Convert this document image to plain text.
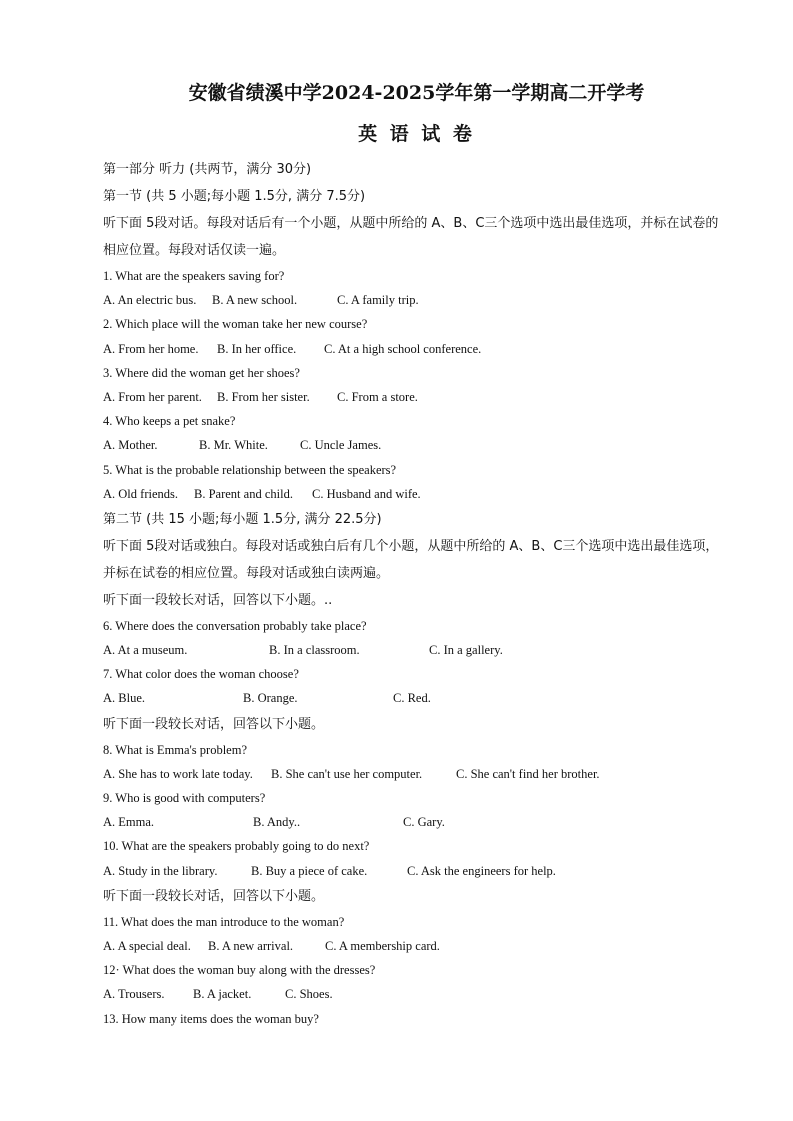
安徽省绩溪中学2024-2025学年第一学期高二开学考
英 语 试 卷
第一部分 听力 (共两节，满分 30分)
第一节 (共 5 小题;每小题 1.5分, 满分 7.5分)
听下面 5段对话。每段对话后有一个小题，从题中所给的 A、B、C三个选项中选出最佳选项，并标在试卷的相应位置。每段对话仅读一遍。
1. What are the speakers saving for?
A. An electric bus. B. A new school.	C. A family trip.
2. Which place will the woman take her new course?
A. From her home. B. In her office. C. At a high school conference.
3. Where did the woman get her shoes?
A. From her parent. B. From her sister. C. From a store.
4. Who keeps a pet snake?
A. Mother.	B. Mr. White.	C. Uncle James.
5. What is the probable relationship between the speakers?
A. Old friends. B. Parent and child. C. Husband and wife.
第二节 (共 15 小题;每小题 1.5分, 满分 22.5分)
听下面 5段对话或独白。每段对话或独白后有几个小题，从题中所给的 A、B、C三个选项中选出最佳选项，并标在试卷的相应位置。每段对话或独白读两遍。
听下面一段较长对话，回答以下小题。..
6. Where does the conversation probably take place?
A. At a museum.	B. In a classroom.	C. In a gallery.
7. What color does the woman choose?
A. Blue.	B. Orange.	C. Red.
听下面一段较长对话，回答以下小题。
8. What is Emma's problem?
A. She has to work late today. B. She can't use her computer.	C. She can't find her brother.
9. Who is good with computers?
A. Emma.	B. Andy..	C. Gary.
10. What are the speakers probably going to do next?
A. Study in the library.	B. Buy a piece of cake.	C. Ask the engineers for help.
听下面一段较长对话，回答以下小题。
11. What does the man introduce to the woman?
A. A special deal. B. A new arrival.	C. A membership card.
12· What does the woman buy along with the dresses?
A. Trousers. B. A jacket.	C. Shoes.
13. How many items does the woman buy?
